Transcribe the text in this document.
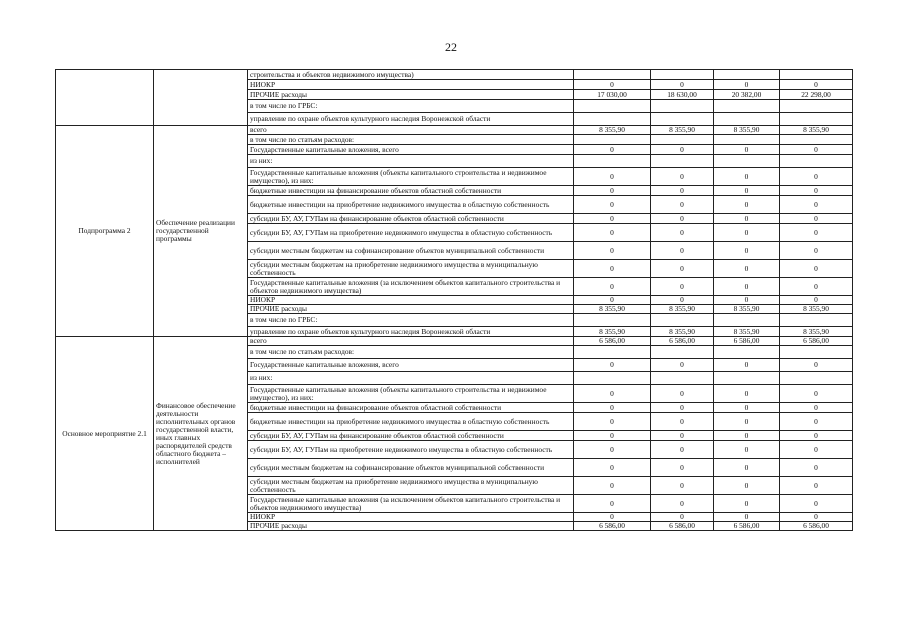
22
		строительства и объектов недвижимого имущества)				
		НИОКР	0	0	0	0
		ПРОЧИЕ расходы	17 030,00	18 630,00	20 382,00	22 298,00
		в том числе по ГРБС:				
		управление по охране объектов культурного наследия Воронежской области				
Подпрограмма 2	Обеспечение реализации государственной программы	всего	8 355,90	8 355,90	8 355,90	8 355,90
		в том числе по статьям расходов:				
		Государственные капитальные вложения, всего	0	0	0	0
		из них:				
		Государственные капитальные вложения (объекты капитального строительства и недвижимое имущество), из них:	0	0	0	0
		бюджетные инвестиции на финансирование объектов областной собственности	0	0	0	0
		бюджетные инвестиции на приобретение недвижимого имущества в областную собственность	0	0	0	0
		субсидии БУ, АУ, ГУПам на финансирование объектов областной собственности	0	0	0	0
		субсидии БУ, АУ, ГУПам на приобретение недвижимого имущества в областную собственность	0	0	0	0
		субсидии местным бюджетам на софинансирование объектов муниципальной собственности	0	0	0	0
		субсидии местным бюджетам на приобретение недвижимого имущества в муниципальную собственность	0	0	0	0
		Государственные капитальные вложения (за исключением объектов капитального строительства и объектов недвижимого имущества)	0	0	0	0
		НИОКР	0	0	0	0
		ПРОЧИЕ расходы	8 355,90	8 355,90	8 355,90	8 355,90
		в том числе по ГРБС:				
		управление по охране объектов культурного наследия Воронежской области	8 355,90	8 355,90	8 355,90	8 355,90
Основное мероприятие 2.1	Финансовое обеспечение деятельности исполнительных органов государственной власти, иных главных распорядителей средств областного бюджета – исполнителей	всего	6 586,00	6 586,00	6 586,00	6 586,00
		в том числе по статьям расходов:				
		Государственные капитальные вложения, всего	0	0	0	0
		из них:				
		Государственные капитальные вложения (объекты капитального строительства и недвижимое имущество), из них:	0	0	0	0
		бюджетные инвестиции на финансирование объектов областной собственности	0	0	0	0
		бюджетные инвестиции на приобретение недвижимого имущества в областную собственность	0	0	0	0
		субсидии БУ, АУ, ГУПам на финансирование объектов областной собственности	0	0	0	0
		субсидии БУ, АУ, ГУПам на приобретение недвижимого имущества в областную собственность	0	0	0	0
		субсидии местным бюджетам на софинансирование объектов муниципальной собственности	0	0	0	0
		субсидии местным бюджетам на приобретение недвижимого имущества в муниципальную собственность	0	0	0	0
		Государственные капитальные вложения (за исключением объектов капитального строительства и объектов недвижимого имущества)	0	0	0	0
		НИОКР	0	0	0	0
		ПРОЧИЕ расходы	6 586,00	6 586,00	6 586,00	6 586,00
